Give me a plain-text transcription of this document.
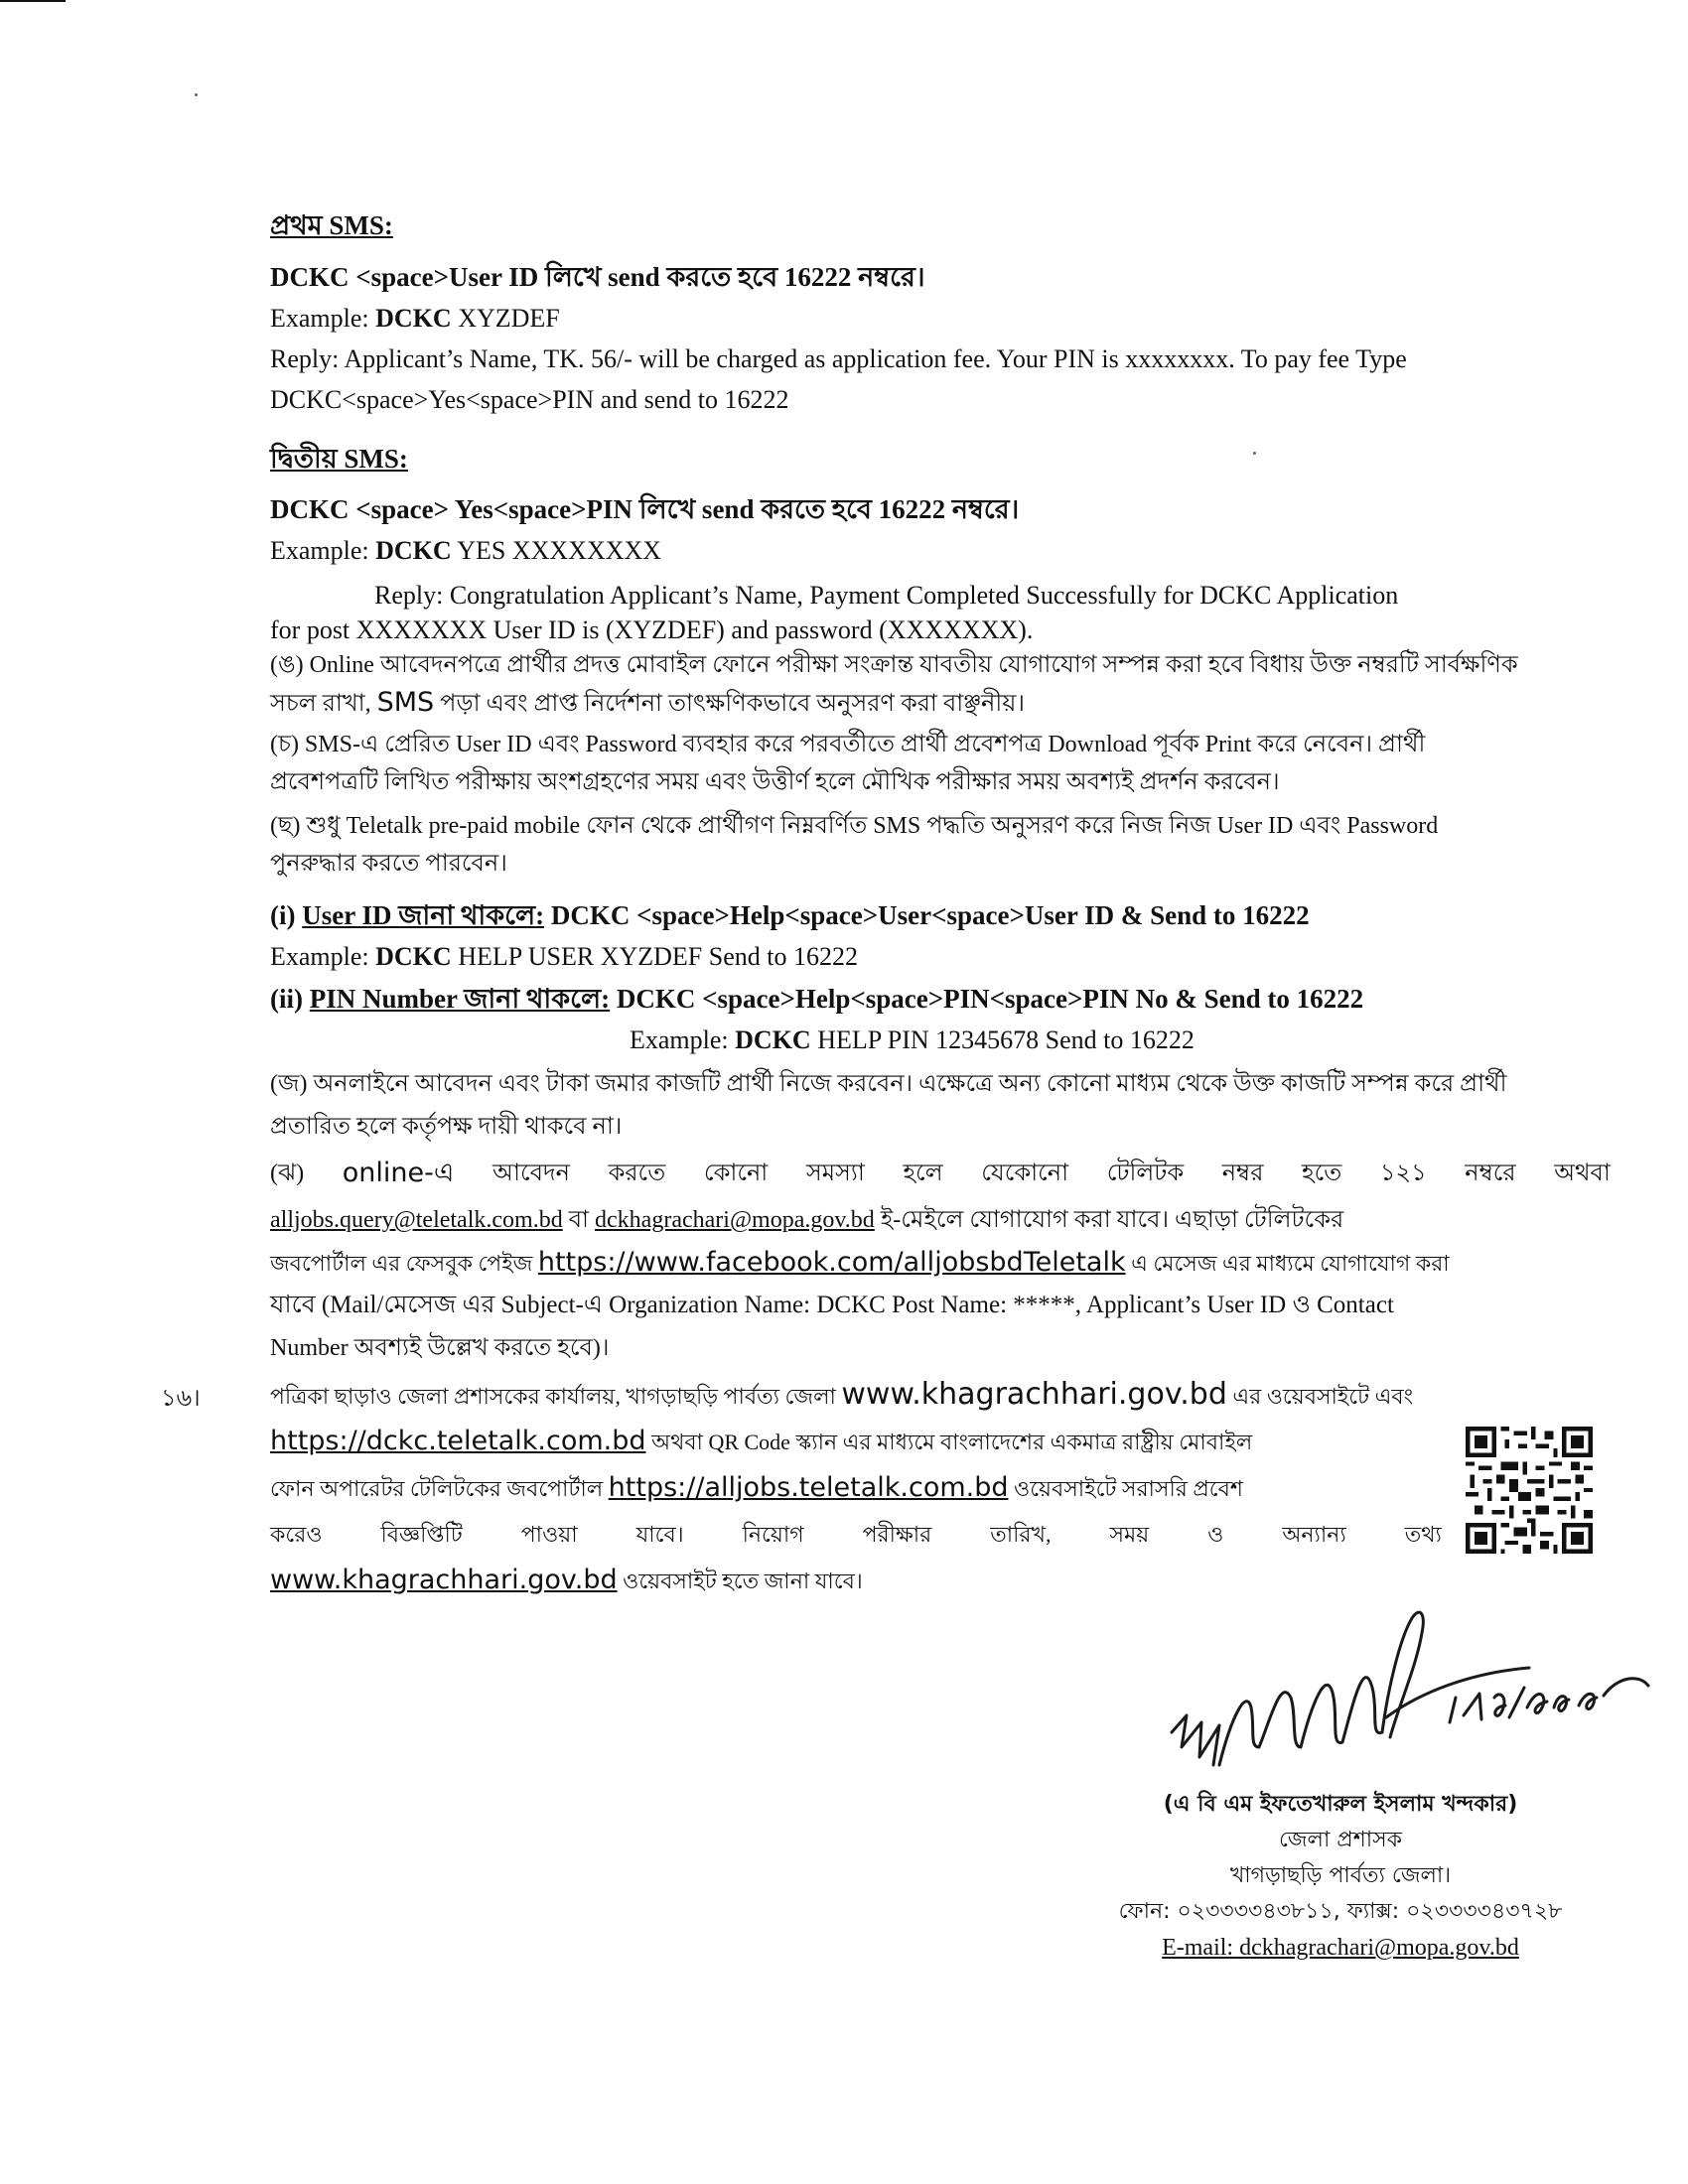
প্রথম SMS:
DCKC <space>User ID লিখে send করতে হবে 16222 নম্বরে।
Example: DCKC XYZDEF
Reply: Applicant’s Name, TK. 56/- will be charged as application fee. Your PIN is xxxxxxxx. To pay fee Type
DCKC<space>Yes<space>PIN and send to 16222
দ্বিতীয় SMS:
DCKC <space> Yes<space>PIN লিখে send করতে হবে 16222 নম্বরে।
Example: DCKC YES XXXXXXXX
Reply: Congratulation Applicant’s Name, Payment Completed Successfully for DCKC Application
for post XXXXXXX User ID is (XYZDEF) and password (XXXXXXX).
(ঙ) Online আবেদনপত্রে প্রার্থীর প্রদত্ত মোবাইল ফোনে পরীক্ষা সংক্রান্ত যাবতীয় যোগাযোগ সম্পন্ন করা হবে বিধায় উক্ত নম্বরটি সার্বক্ষণিক
সচল রাখা, SMS পড়া এবং প্রাপ্ত নির্দেশনা তাৎক্ষণিকভাবে অনুসরণ করা বাঞ্ছনীয়।
(চ) SMS-এ প্রেরিত User ID এবং Password ব্যবহার করে পরবর্তীতে প্রার্থী প্রবেশপত্র Download পূর্বক Print করে নেবেন। প্রার্থী
প্রবেশপত্রটি লিখিত পরীক্ষায় অংশগ্রহণের সময় এবং উত্তীর্ণ হলে মৌখিক পরীক্ষার সময় অবশ্যই প্রদর্শন করবেন।
(ছ) শুধু Teletalk pre-paid mobile ফোন থেকে প্রার্থীগণ নিম্নবর্ণিত SMS পদ্ধতি অনুসরণ করে নিজ নিজ User ID এবং Password
পুনরুদ্ধার করতে পারবেন।
(i) User ID জানা থাকলে: DCKC <space>Help<space>User<space>User ID & Send to 16222
Example: DCKC HELP USER XYZDEF Send to 16222
(ii) PIN Number জানা থাকলে: DCKC <space>Help<space>PIN<space>PIN No & Send to 16222
Example: DCKC HELP PIN 12345678 Send to 16222
(জ) অনলাইনে আবেদন এবং টাকা জমার কাজটি প্রার্থী নিজে করবেন। এক্ষেত্রে অন্য কোনো মাধ্যম থেকে উক্ত কাজটি সম্পন্ন করে প্রার্থী
প্রতারিত হলে কর্তৃপক্ষ দায়ী থাকবে না।
(ঝ) online-এ আবেদন করতে কোনো সমস্যা হলে যেকোনো টেলিটক নম্বর হতে ১২১ নম্বরে অথবা
alljobs.query@teletalk.com.bd বা dckhagrachari@mopa.gov.bd ই-মেইলে যোগাযোগ করা যাবে। এছাড়া টেলিটকের
জবপোর্টাল এর ফেসবুক পেইজ https://www.facebook.com/alljobsbdTeletalk এ মেসেজ এর মাধ্যমে যোগাযোগ করা
যাবে (Mail/মেসেজ এর Subject-এ Organization Name: DCKC Post Name: *****, Applicant’s User ID ও Contact
Number অবশ্যই উল্লেখ করতে হবে)।
পত্রিকা ছাড়াও জেলা প্রশাসকের কার্যালয়, খাগড়াছড়ি পার্বত্য জেলা www.khagrachhari.gov.bd এর ওয়েবসাইটে এবং
https://dckc.teletalk.com.bd অথবা QR Code স্ক্যান এর মাধ্যমে বাংলাদেশের একমাত্র রাষ্ট্রীয় মোবাইল
ফোন অপারেটর টেলিটকের জবপোর্টাল https://alljobs.teletalk.com.bd ওয়েবসাইটে সরাসরি প্রবেশ
করেও	বিজ্ঞপ্তিটি	পাওয়া	যাবে।	নিয়োগ	পরীক্ষার	তারিখ,	সময়	ও	অন্যান্য	তথ্য
www.khagrachhari.gov.bd ওয়েবসাইট হতে জানা যাবে।
১৬।
(এ বি এম ইফতেখারুল ইসলাম খন্দকার)
জেলা প্রশাসক
খাগড়াছড়ি পার্বত্য জেলা।
ফোন: ০২৩৩৩৩৪৩৮১১, ফ্যাক্স: ০২৩৩৩৩৪৩৭২৮
E-mail: dckhagrachari@mopa.gov.bd
